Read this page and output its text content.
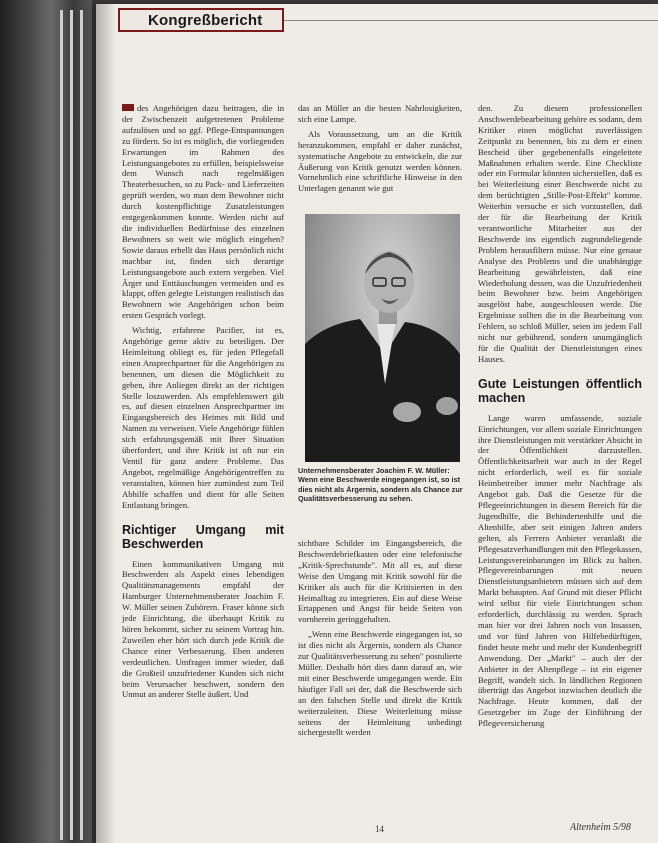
Kongreßbericht

des Angehörigen dazu beitragen, die in der Zwischenzeit aufgetretenen Probleme aufzulösen und so ggf. Pflege-Entspannungen zu fördern. So ist es möglich, die vorliegenden Erwartungen im Rahmen des Leistungsangebotes zu erfüllen, beispielsweise dem Wunsch nach regelmäßigen Theaterbesuchen, so zu Pack- und Lieferzeiten geprüft werden, wo man dem Bewohner nicht durch kostenpflichtige Zusatzleistungen entgegenkommen konnte. Werden nicht auf die individuellen Bedürfnisse des einzelnen Bewohners so weit wie möglich eingehen? Sowie daraus erhellt das Haus persönlich nicht machbar ist, finden sich derartige Leistungsangebote auch extern vergeben. Viel Ärger und Enttäuschungen vermeiden und es klappt, offen gelegte Leistungen realistisch das Bewohnern wie Angehörigen schon beim ersten Gespräch vorlegt.

Wichtig, erfahrene Pacifier, ist es, Angehörige gerne aktiv zu beteiligen. Der Heimleitung obliegt es, für jeden Pflegefall einen Ansprechpartner für die Angehörigen zu benennen, um diesen die Möglichkeit zu geben, ihre Anliegen direkt an der richtigen Stelle loszuwerden. Als empfehlenswert gilt es, auf diesen einzelnen Ansprechpartner im Eingangsbereich des Heimes mit Bild und Namen zu verweisen. Viele Angehörige fühlen sich erfahrungsgemäß mit Ihrer Situation überfordert, und ihre Kritik ist oft nur ein Ventil für ganz andere Probleme. Das Angebot, regelmäßige Angehörigentreffen zu veranstalten, können hier zumindest zum Teil Abhilfe schaffen und dient für alle Seiten Entlastung bringen.

Richtiger Umgang mit Beschwerden

Einen kommunikativen Umgang mit Beschwerden als Aspekt eines lebendigen Qualitätsmanagements empfahl der Hamburger Unternehmensberater Joachim F. W. Müller seinen Zuhörern. Fraser könne sich jede Einrichtung, die überhaupt Kritik zu hören bekommt, sicher zu seinem Vortrag hin. Zuweilen eher hört sich durch jede Kritik die Chance einer Verbesserung. Eben anderen verdeutlichen. Umfragen immer wieder, daß die Großteil unzufriedener Kunden sich nicht beim Verursacher beschwert, sondern den Unmut an anderer Stelle äußert. Und

das an Müller an die besten Nahrlosigkeiten, sich eine Lampe.

Als Voraussetzung, um an die Kritik heranzukommen, empfahl er daher zunächst, systematische Angebote zu entwickeln, die zur Äußerung von Kritik genutzt werden können. Vornehmlich eine schriftliche Hinweise in den Unterlagen genannt wie gut

Unternehmensberater Joachim F. W. Müller: Wenn eine Beschwerde eingegangen ist, so ist dies nicht als Ärgernis, sondern als Chance zur Qualitätsverbesserung zu sehen.

sichtbare Schilder im Eingangsbereich, die Beschwerdebriefkasten oder eine telefonische „Kritik-Sprechstunde". Mit all es, auf diese Weise den Umgang mit Kritik sowohl für die Kritiker als auch für die Kritisierten in den Heimalltag zu integrieren. Ein auf diese Weise Ertappenen und Angst für beide Seiten von vornherein geringgehalten.

„Wenn eine Beschwerde eingegangen ist, so ist dies nicht als Ärgernis, sondern als Chance zur Qualitätsverbesserung zu sehen" postulierte Müller. Deshalb hört dies dann darauf an, wie mit einer Beschwerde umgegangen werde. Ein häufiger Fall sei der, daß die Beschwerde sich an den falschen Stelle und direkt die Kritik weiterzuleiten. Diese Weiterleitung müsse seitens der Heimleitung unbedingt sichergestellt werden

den. Zu diesem professionellen Anschwerdebearbeitung gehöre es sodann, dem Kritiker einen möglichst zuverlässigen Zeitpunkt zu benennen, bis zu dem er einen Bescheid über gegebenenfalls eingeleitete Maßnahmen erhalten werde. Eine Checkliste oder ein Formular könnten sicherstellen, daß es bei Weiterleitung einer Beschwerde nicht zu dem berüchtigten „Stille-Post-Effekt" komme. Weiterhin versuche er sich vorzustellen, daß der für die Bearbeitung der Kritik verantwortliche Mitarbeiter aus der Beschwerde ins eigentlich zugrundeliegende Problem herausfiltern müsse. Nur eine genaue Analyse des Problems und die unabhängige Bearbeitung gewährleisten, daß eine Wiederholung dessen, was die Unzufriedenheit beim Bewohner bzw. beim Angehörigen ausgelöst habe, ausgeschlossen werde. Die Ergebnisse sollten die in die Bearbeitung von Fehlern, so schloß Müller, seien im jedem Fall nicht nur gebührend, sondern unumgänglich für die Qualität der Dienstleistungen eines Hauses.

Gute Leistungen öffentlich machen

Lange waren umfassende, soziale Einrichtungen, vor allem soziale Einrichtungen ihre Dienstleistungen mit verstärkter Absicht in der Öffentlichkeit darzustellen. Öffentlichkeitsarbeit war auch in der Regel nicht erforderlich, weil es für soziale Heimbetreiber immer mehr Nachfrage als Angebot gab. Daß die Gesetze für die Pflegeeinrichtungen in diesem Bereich für die Jugendhilfe, die Behindertenhilfe und die Altenhilfe, aber seit einigen Jahren anders gelten, als Ferrero Anbieter veranlaßt die Pflegesatzverhandlungen mit den Pflegekassen, Leistungsvereinbarungen im Blick zu halten. Pflegevereinbarungen mit neuen Dienstleistungsanbietern müssen sich auf dem Markt behaupten. Auf Grund mit dieser Pflicht wird selbst für viele Einrichtungen schon erforderlich, durchlässig zu werden. Sprach man hier vor drei Jahren noch von Insassen, und vor fünf Jahren von Hilfebedürftigen, findet heute mehr und mehr der Kundenbegriff Anwendung. Der „Markt" – auch der der Anbieter in der Altenpflege – ist ein eigener Begriff, wandelt sich. In ländlichen Regionen überträgt das Angebot inzwischen deutlich die Nachfrage. Heute kommen, daß der Gesetzgeber im Zuge der Einführung der Pflegeversicherung

14	Altenheim 5/98
